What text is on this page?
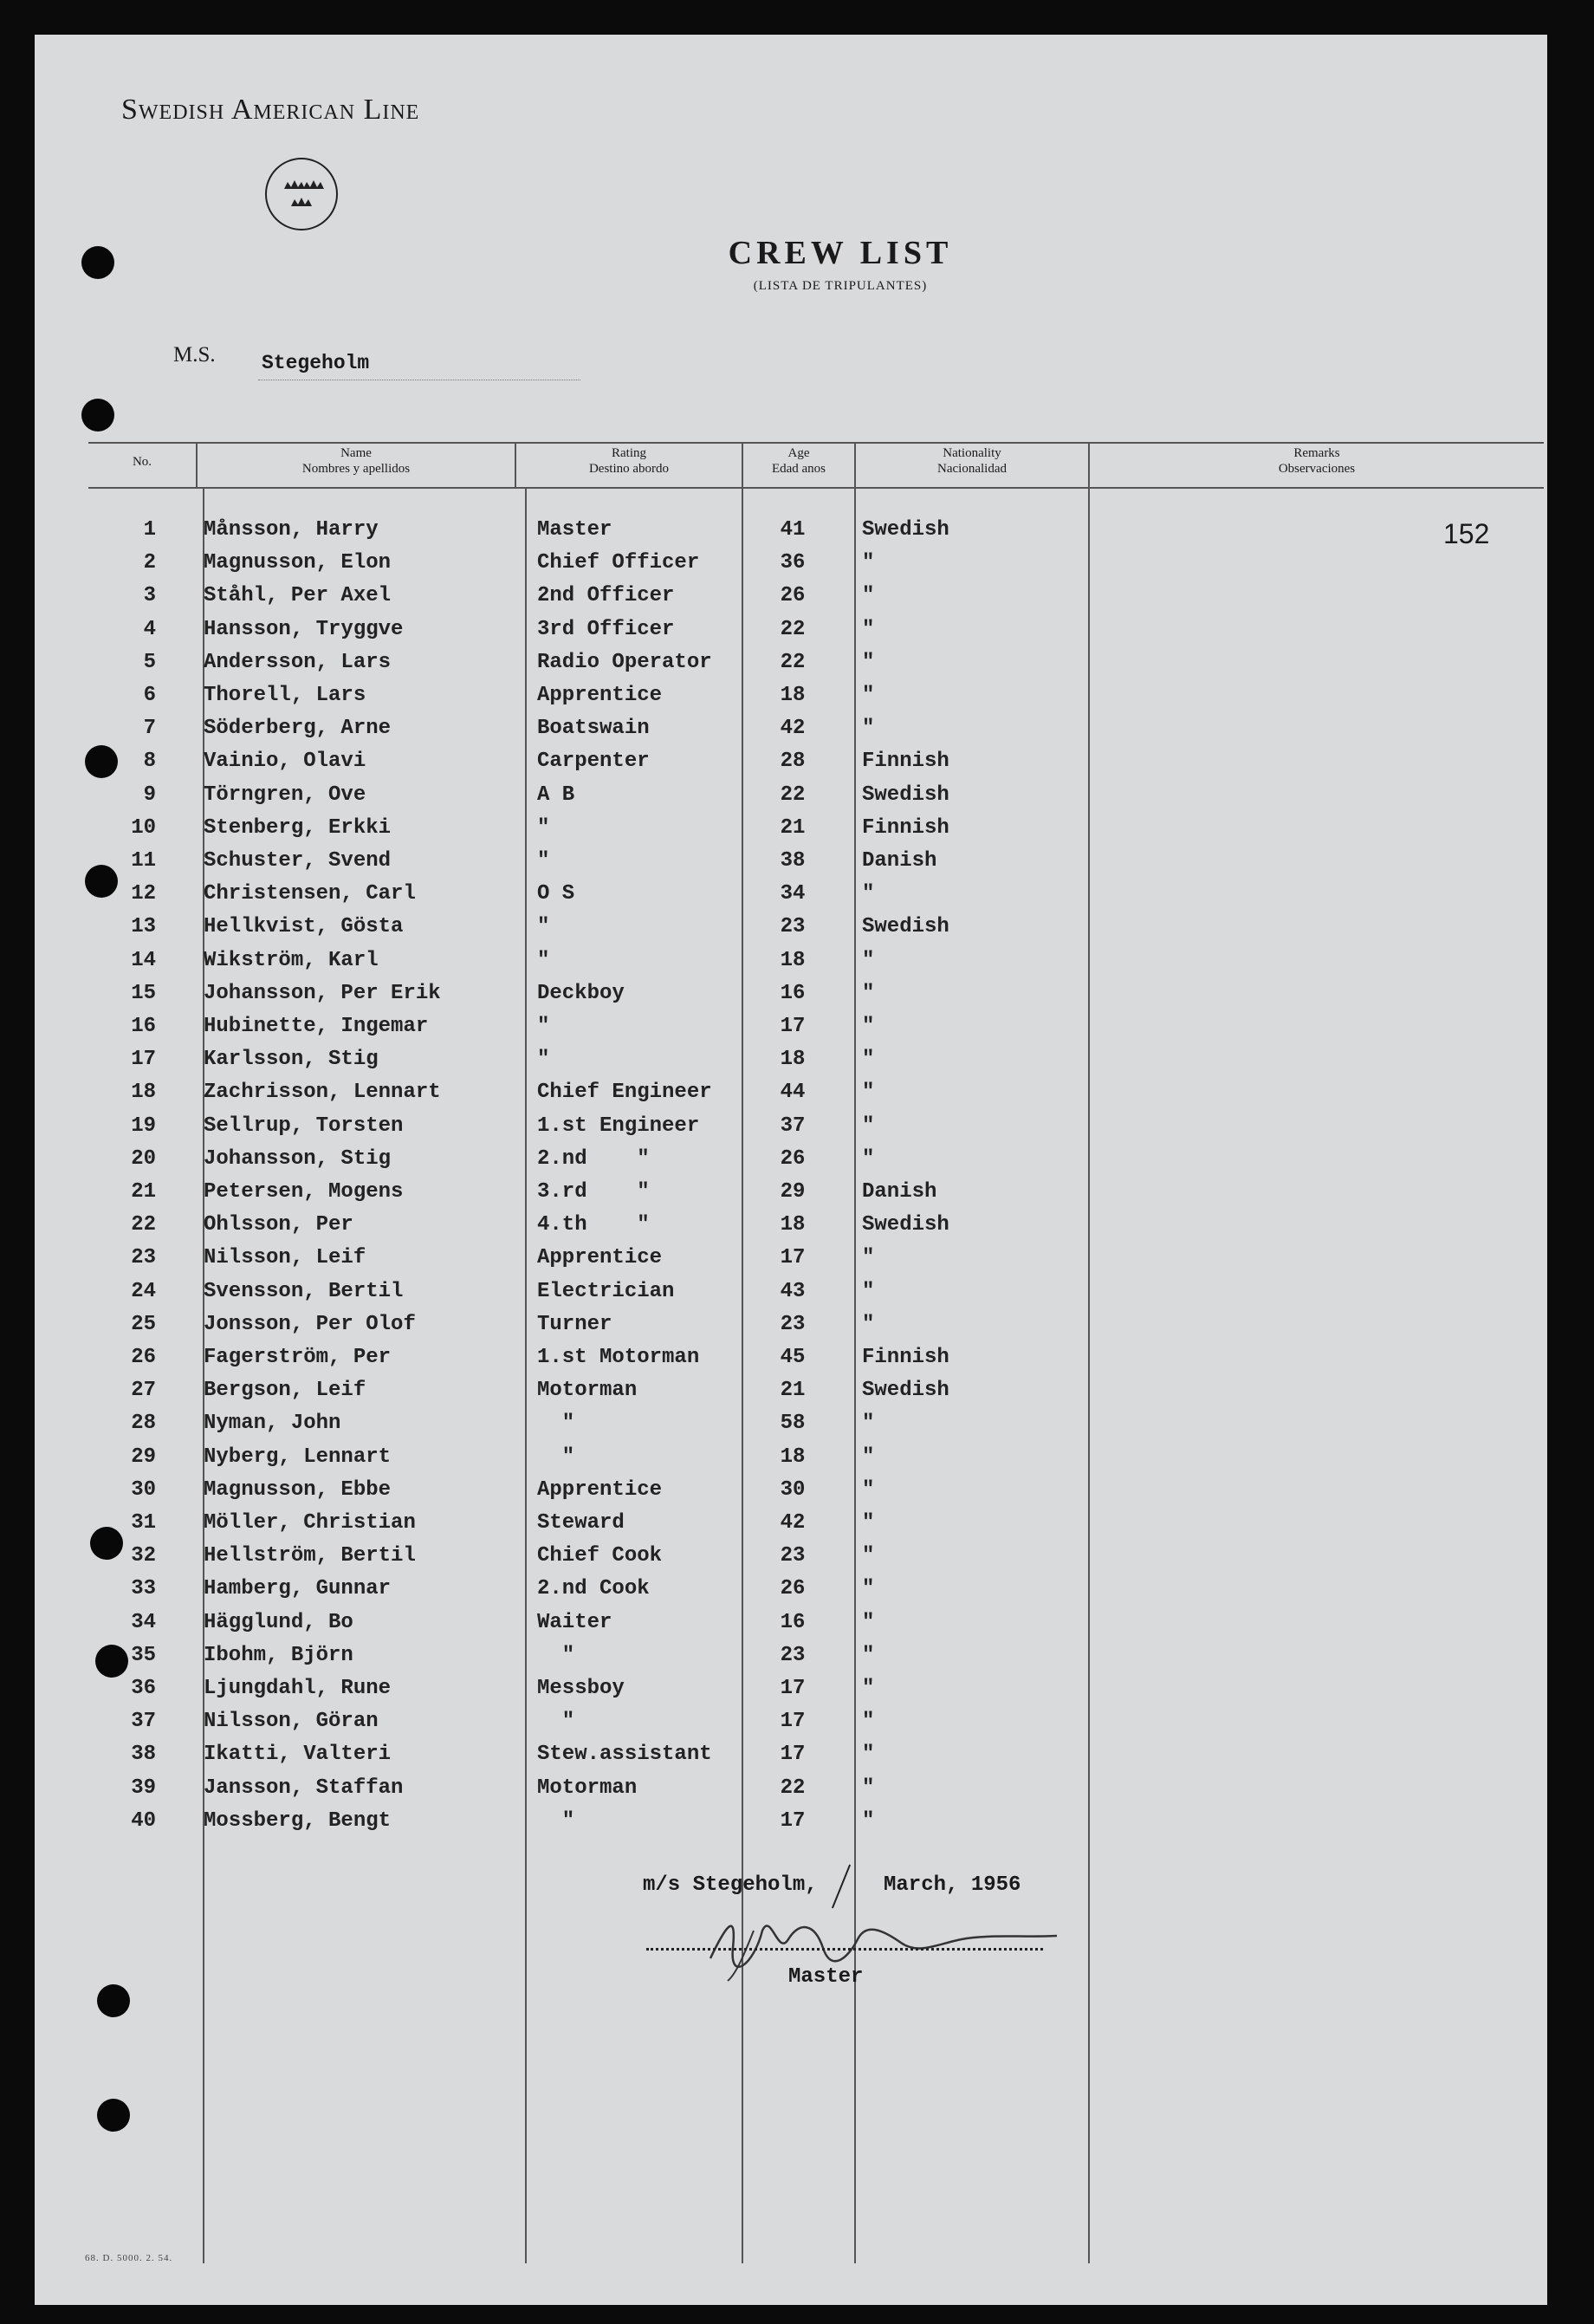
Swedish American Line
CREW LIST
(LISTA DE TRIPULANTES)
M.S. Stegeholm
No.
Name
Nombres y apellidos
Rating
Destino abordo
Age
Edad anos
Nationality
Nacionalidad
Remarks
Observaciones
152
1 Månsson, Harry	Master	41	Swedish
2 Magnusson, Elon	Chief Officer	36	"
3 Ståhl, Per Axel	2nd Officer	26	"
4 Hansson, Tryggve	3rd Officer	22	"
5 Andersson, Lars	Radio Operator	22	"
6 Thorell, Lars	Apprentice	18	"
7 Söderberg, Arne	Boatswain	42	"
8 Vainio, Olavi	Carpenter	28	Finnish
9 Törngren, Ove	A B	22	Swedish
10 Stenberg, Erkki	"	21	Finnish
11 Schuster, Svend	"	38	Danish
12 Christensen, Carl	O S	34	"
13 Hellkvist, Gösta	"	23	Swedish
14 Wikström, Karl	"	18	"
15 Johansson, Per Erik	Deckboy	16	"
16 Hubinette, Ingemar	"	17	"
17 Karlsson, Stig	"	18	"
18 Zachrisson, Lennart	Chief Engineer	44	"
19 Sellrup, Torsten	1.st Engineer	37	"
20 Johansson, Stig	2.nd    "	26	"
21 Petersen, Mogens	3.rd    "	29	Danish
22 Ohlsson, Per	4.th    "	18	Swedish
23 Nilsson, Leif	Apprentice	17	"
24 Svensson, Bertil	Electrician	43	"
25 Jonsson, Per Olof	Turner	23	"
26 Fagerström, Per	1.st Motorman	45	Finnish
27 Bergson, Leif	Motorman	21	Swedish
28 Nyman, John	"	58	"
29 Nyberg, Lennart	"	18	"
30 Magnusson, Ebbe	Apprentice	30	"
31 Möller, Christian	Steward	42	"
32 Hellström, Bertil	Chief Cook	23	"
33 Hamberg, Gunnar	2.nd Cook	26	"
34 Hägglund, Bo	Waiter	16	"
35 Ibohm, Björn	"	23	"
36 Ljungdahl, Rune	Messboy	17	"
37 Nilsson, Göran	"	17	"
38 Ikatti, Valteri	Stew.assistant	17	"
39 Jansson, Staffan	Motorman	22	"
40 Mossberg, Bengt	"	17	"
m/s Stegeholm,	March, 1956
Master
68. D. 5000. 2. 54.
